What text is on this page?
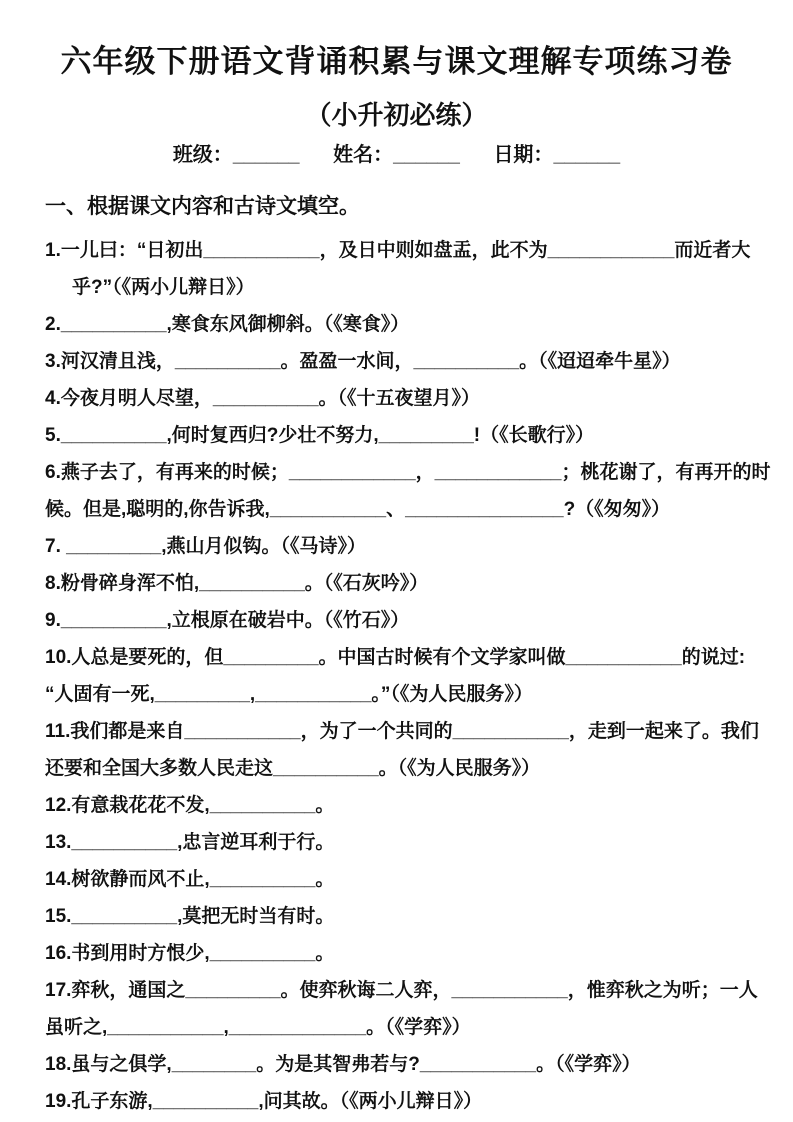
六年级下册语文背诵积累与课文理解专项练习卷
（小升初必练）
班级：______ 姓名：______ 日期：______
一、根据课文内容和古诗文填空。
1.一儿曰：“日初出___________，及日中则如盘盂，此不为____________而近者大
乎?”（《两小儿辩日》）
2.__________,寒食东风御柳斜。（《寒食》）
3.河汉清且浅，__________。盈盈一水间，__________。（《迢迢牵牛星》）
4.今夜月明人尽望，__________。（《十五夜望月》）
5.__________,何时复西归?少壮不努力,_________!（《长歌行》）
6.燕子去了，有再来的时候；____________，____________；桃花谢了，有再开的时
候。但是,聪明的,你告诉我,___________、_______________?（《匆匆》）
7. _________,燕山月似钩。（《马诗》）
8.粉骨碎身浑不怕,__________。（《石灰吟》）
9.__________,立根原在破岩中。（《竹石》）
10.人总是要死的，但_________。中国古时候有个文学家叫做___________的说过:
“人固有一死,_________,___________。”（《为人民服务》）
11.我们都是来自___________，为了一个共同的___________，走到一起来了。我们
还要和全国大多数人民走这__________。（《为人民服务》）
12.有意栽花花不发,__________。
13.__________,忠言逆耳利于行。
14.树欲静而风不止,__________。
15.__________,莫把无时当有时。
16.书到用时方恨少,__________。
17.弈秋，通国之_________。使弈秋诲二人弈，___________，惟弈秋之为听；一人
虽听之,___________,_____________。（《学弈》）
18.虽与之俱学,________。为是其智弗若与?___________。（《学弈》）
19.孔子东游,__________,问其故。（《两小儿辩日》）
